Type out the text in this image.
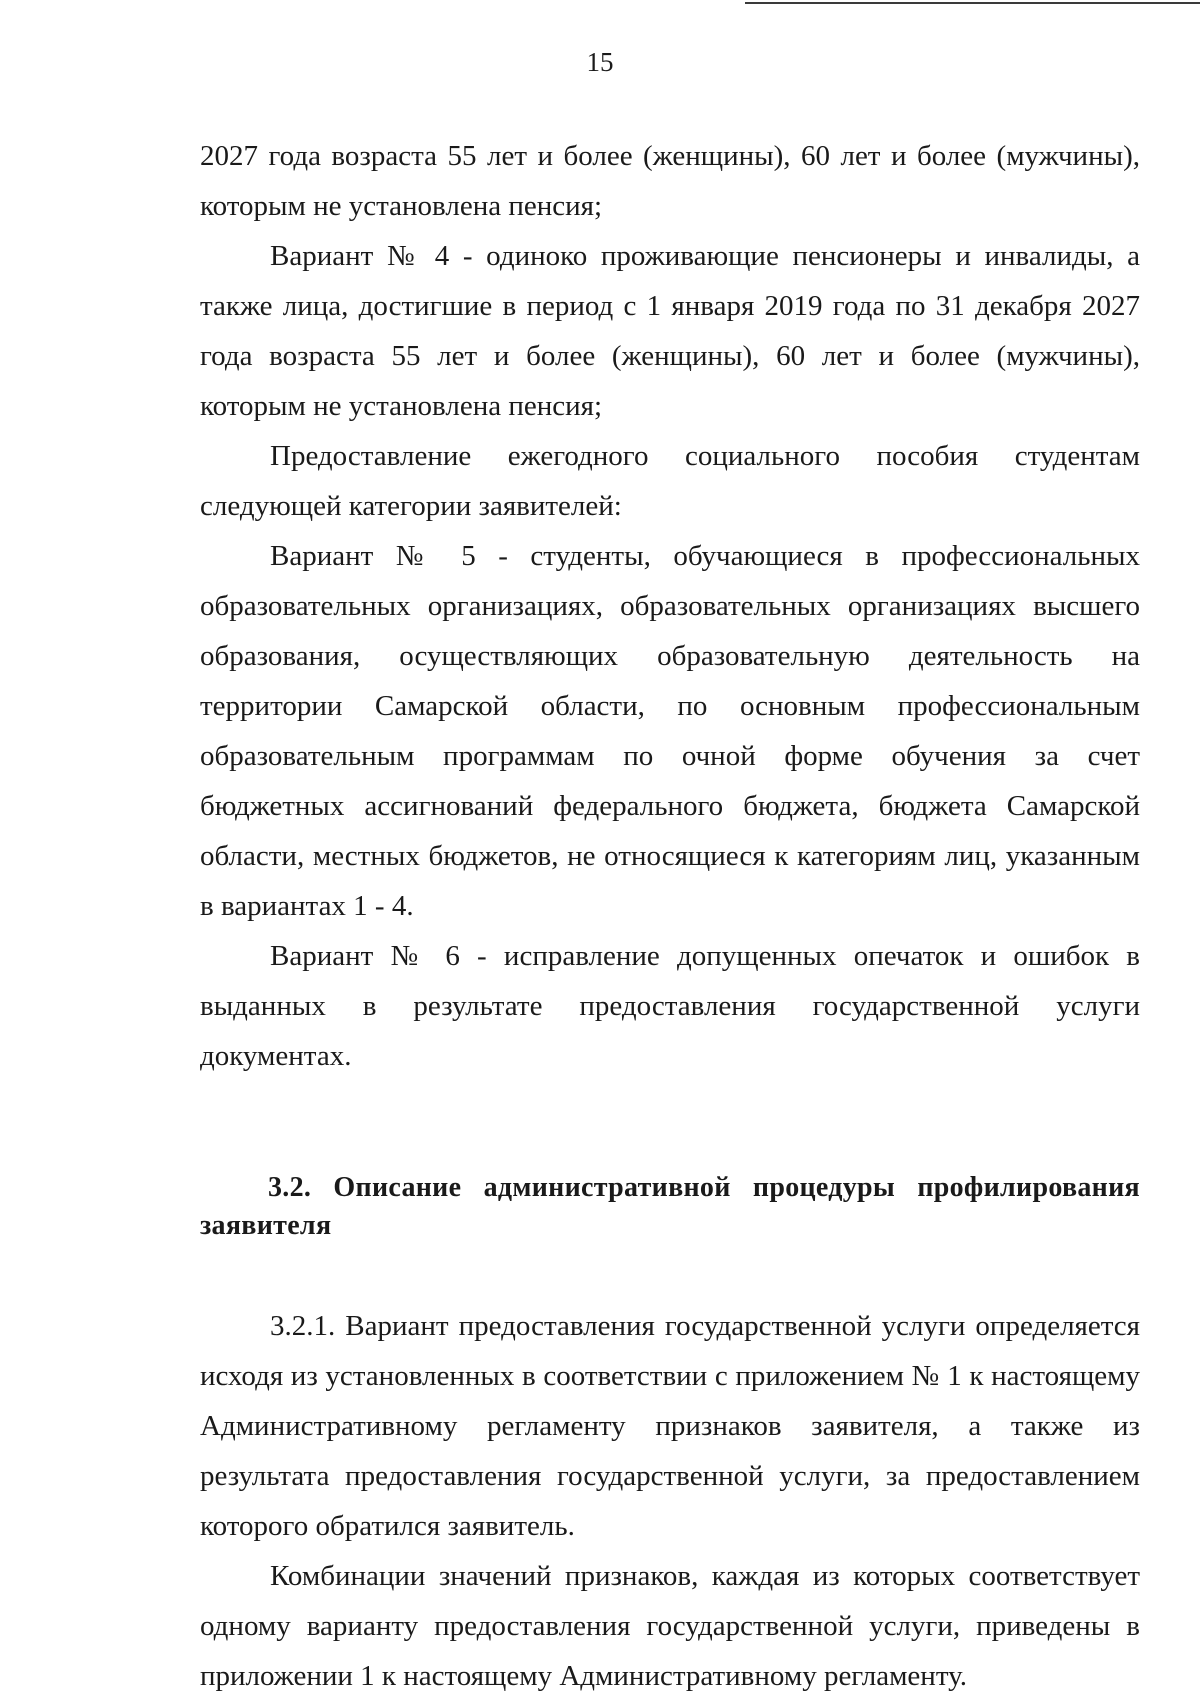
15

2027 года возраста 55 лет и более (женщины), 60 лет и более (мужчины), которым не установлена пенсия;

Вариант № 4 - одиноко проживающие пенсионеры и инвалиды, а также лица, достигшие в период с 1 января 2019 года по 31 декабря 2027 года возраста 55 лет и более (женщины), 60 лет и более (мужчины), которым не установлена пенсия;

Предоставление ежегодного социального пособия студентам следующей категории заявителей:

Вариант № 5 - студенты, обучающиеся в профессиональных образовательных организациях, образовательных организациях высшего образования, осуществляющих образовательную деятельность на территории Самарской области, по основным профессиональным образовательным программам по очной форме обучения за счет бюджетных ассигнований федерального бюджета, бюджета Самарской области, местных бюджетов, не относящиеся к категориям лиц, указанным в вариантах 1 - 4.

Вариант № 6 - исправление допущенных опечаток и ошибок в выданных в результате предоставления государственной услуги документах.

3.2. Описание административной процедуры профилирования заявителя

3.2.1. Вариант предоставления государственной услуги определяется исходя из установленных в соответствии с приложением № 1 к настоящему Административному регламенту признаков заявителя, а также из результата предоставления государственной услуги, за предоставлением которого обратился заявитель.

Комбинации значений признаков, каждая из которых соответствует одному варианту предоставления государственной услуги, приведены в приложении 1 к настоящему Административному регламенту.
